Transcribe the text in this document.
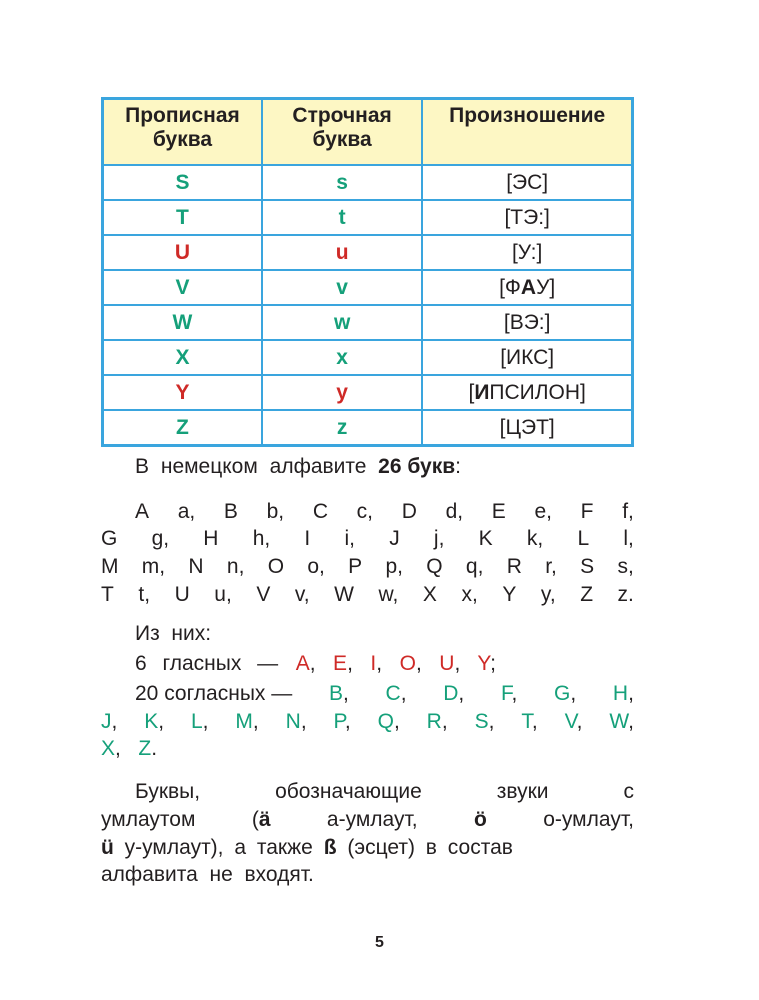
Прописная буква	Строчная буква	Произношение
S	s	[ЭС]
T	t	[ТЭ:]
U	u	[У:]
V	v	[ФАУ]
W	w	[ВЭ:]
X	x	[ИКС]
Y	y	[ИПСИЛОН]
Z	z	[ЦЭТ]
В немецком алфавите 26 букв:
A a, B b, C c, D d, E e, F f,
G g, H h, I i, J j, K k, L l,
M m, N n, O o, P p, Q q, R r, S s,
T t, U u, V v, W w, X x, Y y, Z z.
Из  них:
6 гласных — A,   E,   I,   O,   U,   Y;
20 согласных — B, C, D, F, G, H,
J, K, L, M, N, P, Q, R, S, T, V, W,
X,   Z.
Буквы,	обозначающие	звуки	с
умлаутом	(ä	а-умлаут,	ö	о-умлаут,
ü у-умлаут), а также ß (эсцет) в состав
алфавита  не  входят.
5
